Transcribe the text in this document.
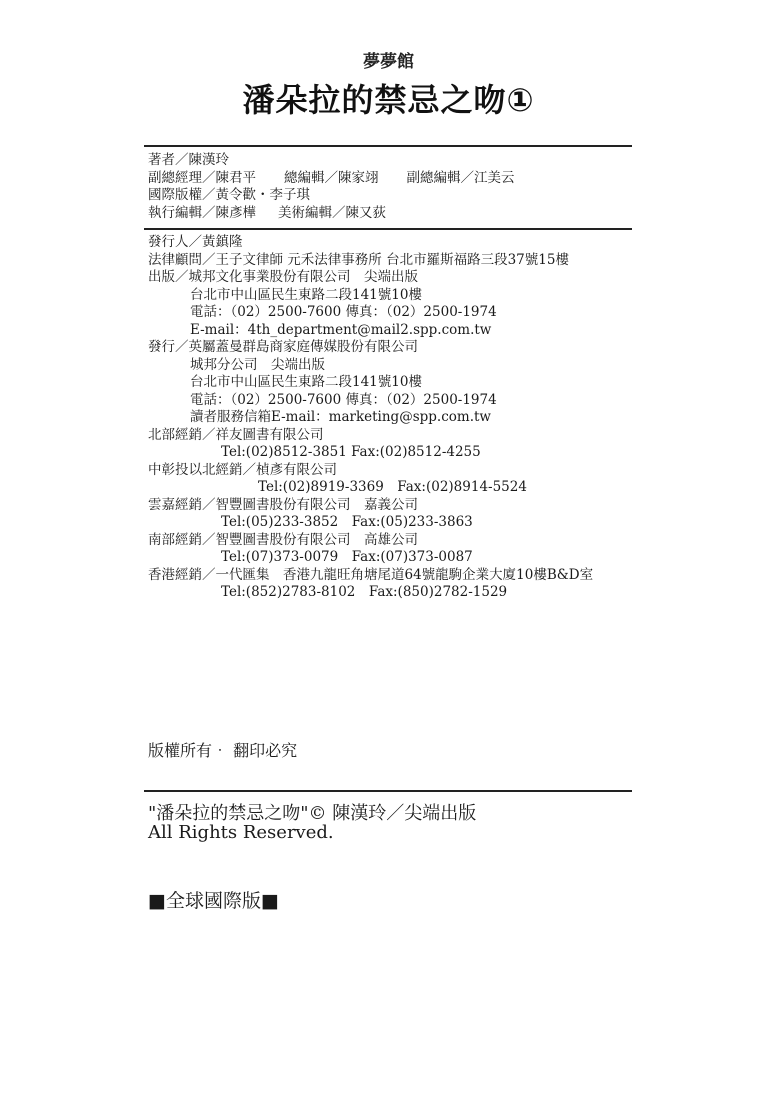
夢夢館
潘朵拉的禁忌之吻①
著者／陳漢玲
副總經理／陳君平 總編輯／陳家翊 副總編輯／江美云
國際版權／黃令歡・李子琪
執行編輯／陳彥樺 美術編輯／陳又荻
發行人／黃鎮隆
法律顧問／王子文律師 元禾法律事務所 台北市羅斯福路三段37號15樓
出版／城邦文化事業股份有限公司　尖端出版
台北市中山區民生東路二段141號10樓
電話：（02）2500-7600 傳真：（02）2500-1974
E-mail：4th_department@mail2.spp.com.tw
發行／英屬蓋曼群島商家庭傳媒股份有限公司
城邦分公司　尖端出版
台北市中山區民生東路二段141號10樓
電話：（02）2500-7600 傳真：（02）2500-1974
讀者服務信箱E-mail：marketing@spp.com.tw
北部經銷／祥友圖書有限公司
Tel:(02)8512-3851 Fax:(02)8512-4255
中彰投以北經銷／楨彥有限公司
Tel:(02)8919-3369　Fax:(02)8914-5524
雲嘉經銷／智豐圖書股份有限公司　嘉義公司
Tel:(05)233-3852　Fax:(05)233-3863
南部經銷／智豐圖書股份有限公司　高雄公司
Tel:(07)373-0079　Fax:(07)373-0087
香港經銷／一代匯集　香港九龍旺角塘尾道64號龍駒企業大廈10樓B&D室
Tel:(852)2783-8102　Fax:(850)2782-1529
版權所有‧ 翻印必究
"潘朵拉的禁忌之吻"© 陳漢玲／尖端出版
All Rights Reserved.
■全球國際版■
